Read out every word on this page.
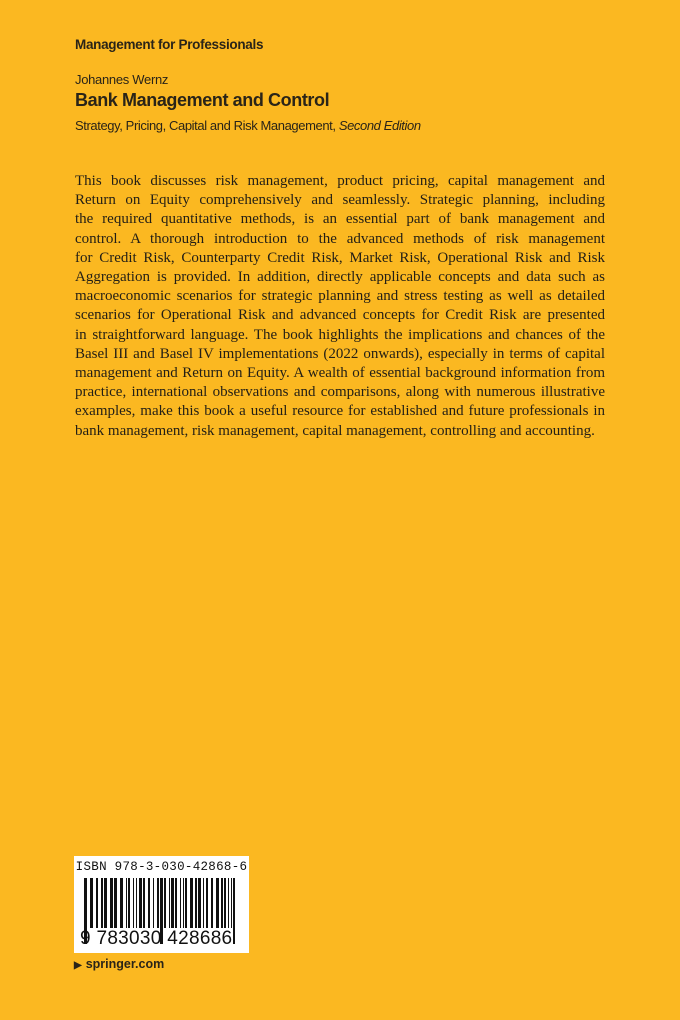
Management for Professionals
Johannes Wernz
Bank Management and Control
Strategy, Pricing, Capital and Risk Management, Second Edition
This book discusses risk management, product pricing, capital management and
Return on Equity comprehensively and seamlessly. Strategic planning, including
the required quantitative methods, is an essential part of bank management and
control. A thorough introduction to the advanced methods of risk management
for Credit Risk, Counterparty Credit Risk, Market Risk, Operational Risk and Risk
Aggregation is provided. In addition, directly applicable concepts and data such as
macroeconomic scenarios for strategic planning and stress testing as well as detailed
scenarios for Operational Risk and advanced concepts for Credit Risk are presented
in straightforward language. The book highlights the implications and chances of the
Basel III and Basel IV implementations (2022 onwards), especially in terms of capital
management and Return on Equity. A wealth of essential background information from
practice, international observations and comparisons, along with numerous illustrative
examples, make this book a useful resource for established and future professionals in
bank management, risk management, capital management, controlling and accounting.
ISBN 978-3-030-42868-6
9 783030 428686
▶ springer.com
